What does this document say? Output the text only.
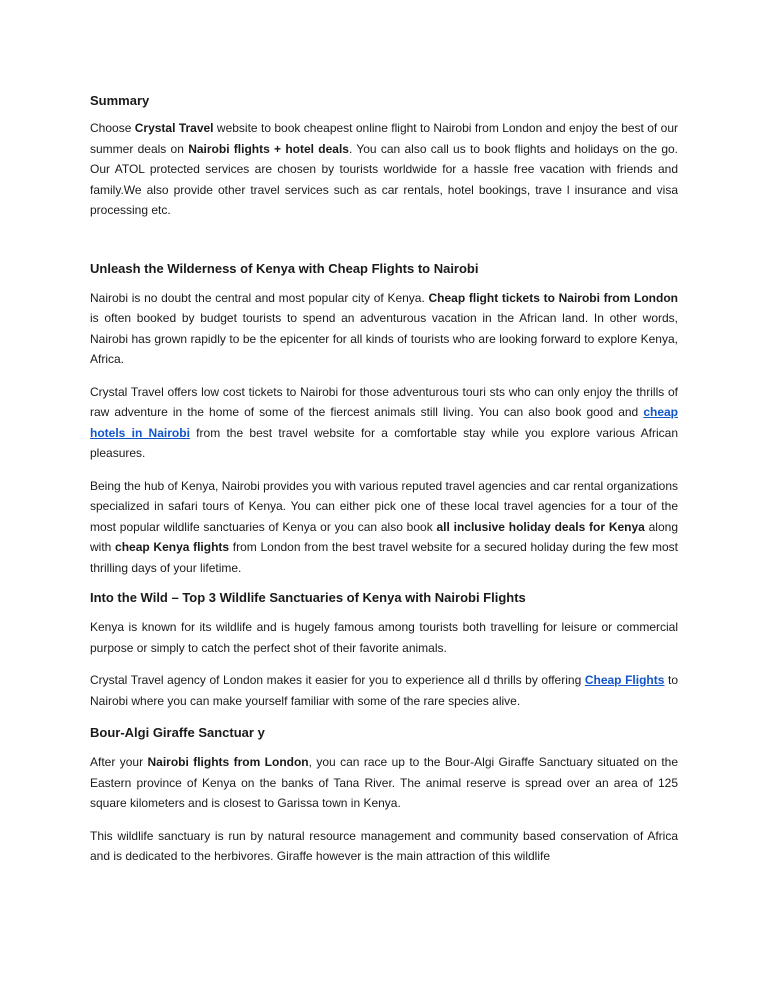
Summary

Choose Crystal Travel website to book cheapest online flight to Nairobi from London and enjoy the best of our summer deals on Nairobi flights + hotel deals. You can also call us to book flights and holidays on the go. Our ATOL protected services are chosen by tourists worldwide for a hassle free vacation with friends and family.We also provide other travel services such as car rentals, hotel bookings, trave l insurance and visa processing etc.

Unleash the Wilderness of Kenya with Cheap Flights to Nairobi

Nairobi is no doubt the central and most popular city of Kenya. Cheap flight tickets to Nairobi from London is often booked by budget tourists to spend an adventurous vacation in the African land. In other words, Nairobi has grown rapidly to be the epicenter for all kinds of tourists who are looking forward to explore Kenya, Africa.

Crystal Travel offers low cost tickets to Nairobi for those adventurous touri sts who can only enjoy the thrills of raw adventure in the home of some of the fiercest animals still living. You can also book good and cheap hotels in Nairobi from the best travel website for a comfortable stay while you explore various African pleasures.

Being the hub of Kenya, Nairobi provides you with various reputed travel agencies and car rental organizations specialized in safari tours of Kenya. You can either pick one of these local travel agencies for a tour of the most popular wildlife sanctuaries of Kenya or you can also book all inclusive holiday deals for Kenya along with cheap Kenya flights from London from the best travel website for a secured holiday during the few most thrilling days of your lifetime.

Into the Wild – Top 3 Wildlife Sanctuaries of Kenya with Nairobi Flights

Kenya is known for its wildlife and is hugely famous among tourists both travelling for leisure or commercial purpose or simply to catch the perfect shot of their favorite animals.

Crystal Travel agency of London makes it easier for you to experience all d thrills by offering Cheap Flights to Nairobi where you can make yourself familiar with some of the rare species alive.

Bour-Algi Giraffe Sanctuar y

After your Nairobi flights from London, you can race up to the Bour-Algi Giraffe Sanctuary situated on the Eastern province of Kenya on the banks of Tana River. The animal reserve is spread over an area of 125 square kilometers and is closest to Garissa town in Kenya.

This wildlife sanctuary is run by natural resource management and community based conservation of Africa and is dedicated to the herbivores. Giraffe however is the main attraction of this wildlife
